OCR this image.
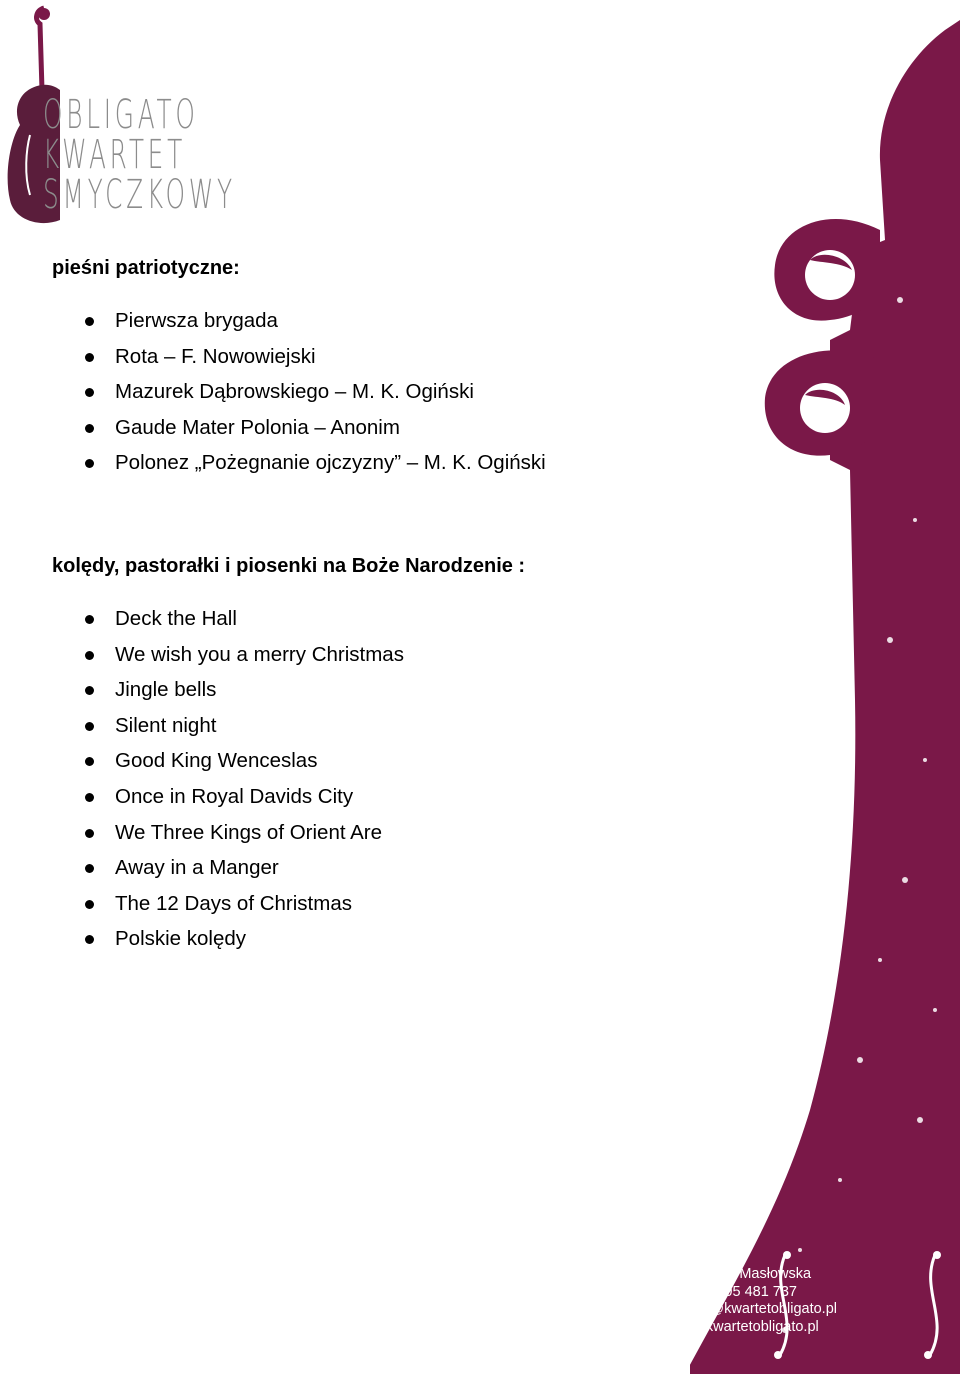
OBLIGATO
KWARTET
SMYCZKOWY
pieśni patriotyczne:
Pierwsza brygada
Rota – F. Nowowiejski
Mazurek Dąbrowskiego – M. K. Ogiński
Gaude Mater Polonia – Anonim
Polonez „Pożegnanie ojczyzny” – M. K. Ogiński
kolędy, pastorałki i piosenki na Boże Narodzenie :
Deck the Hall
We wish you a merry Christmas
Jingle bells
Silent night
Good King Wenceslas
Once in Royal Davids City
We Three Kings of Orient Are
Away in a Manger
The 12 Days of Christmas
Polskie kolędy
Marzena Masłowska
tel: 505 481 737
marzena@kwartetobligato.pl
www.kwartetobligato.pl
